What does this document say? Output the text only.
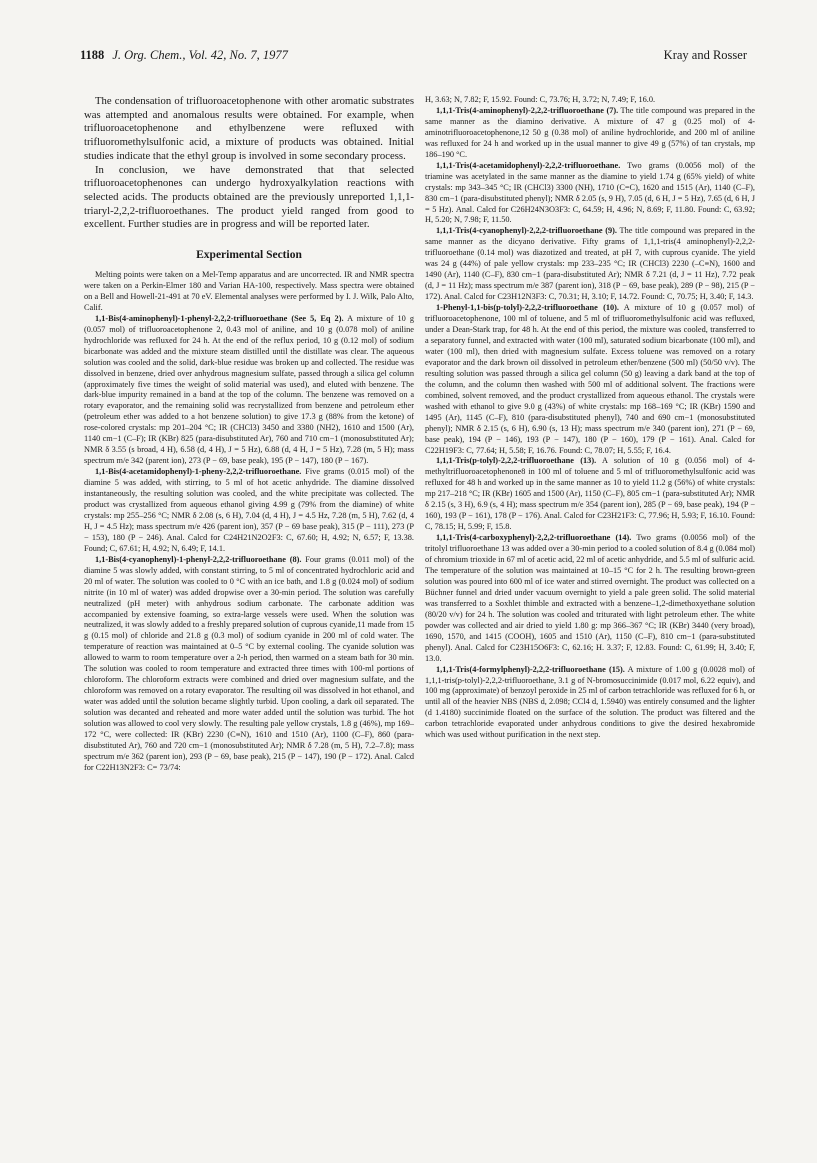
1188 J. Org. Chem., Vol. 42, No. 7, 1977	Kray and Rosser

The condensation of trifluoroacetophenone with other aromatic substrates was attempted and anomalous results were obtained. For example, when trifluoroacetophenone and ethylbenzene were refluxed with trifluoromethylsulfonic acid, a mixture of products was obtained. Initial studies indicate that the ethyl group is involved in some secondary process.

In conclusion, we have demonstrated that that selected trifluoroacetophenones can undergo hydroxyalkylation reactions with selected acids. The products obtained are the previously unreported 1,1,1-triaryl-2,2,2-trifluoroethanes. The product yield ranged from good to excellent. Further studies are in progress and will be reported later.

Experimental Section

Melting points were taken on a Mel-Temp apparatus and are uncorrected. IR and NMR spectra were taken on a Perkin-Elmer 180 and Varian HA-100, respectively. Mass spectra were obtained on a Bell and Howell-21-491 at 70 eV. Elemental analyses were performed by I. J. Wilk, Palo Alto, Calif.

1,1-Bis(4-aminophenyl)-1-phenyl-2,2,2-trifluoroethane (See 5, Eq 2). A mixture of 10 g (0.057 mol) of trifluoroacetophenone 2, 0.43 mol of aniline, and 10 g (0.078 mol) of aniline hydrochloride was refluxed for 24 h. At the end of the reflux period, 10 g (0.12 mol) of sodium bicarbonate was added and the mixture steam distilled until the distillate was clear. The aqueous solution was cooled and the solid, dark-blue residue was broken up and collected. The residue was dissolved in benzene, dried over anhydrous magnesium sulfate, passed through a silica gel column (approximately five times the weight of solid material was used), and eluted with benzene. The dark-blue impurity remained in a band at the top of the column. The benzene was removed on a rotary evaporator, and the remaining solid was recrystallized from benzene and petroleum ether (petroleum ether was added to a hot benzene solution) to give 17.3 g (88% from the ketone) of rose-colored crystals: mp 201–204 °C; IR (CHCl3) 3450 and 3380 (NH2), 1610 and 1500 (Ar), 1140 cm−1 (C–F); IR (KBr) 825 (para-disubstituted Ar), 760 and 710 cm−1 (monosubstituted Ar); NMR δ 3.55 (s broad, 4 H), 6.58 (d, 4 H), J = 5 Hz), 6.88 (d, 4 H, J = 5 Hz), 7.28 (m, 5 H); mass spectrum m/e 342 (parent ion), 273 (P − 69, base peak), 195 (P − 147), 180 (P − 167).

1,1-Bis(4-acetamidophenyl)-1-pheny-2,2,2-trifluoroethane. Five grams (0.015 mol) of the diamine 5 was added, with stirring, to 5 ml of hot acetic anhydride. The diamine dissolved instantaneously, the resulting solution was cooled, and the white precipitate was collected. The product was crystallized from aqueous ethanol giving 4.99 g (79% from the diamine) of white crystals: mp 255–256 °C; NMR δ 2.08 (s, 6 H), 7.04 (d, 4 H), J = 4.5 Hz, 7.28 (m, 5 H), 7.62 (d, 4 H, J = 4.5 Hz); mass spectrum m/e 426 (parent ion), 357 (P − 69 base peak), 315 (P − 111), 273 (P − 153), 180 (P − 246). Anal. Calcd for C24H21N2O2F3: C, 67.60; H, 4.92; N, 6.57; F, 13.38. Found; C, 67.61; H, 4.92; N, 6.49; F, 14.1.

1,1-Bis(4-cyanophenyl)-1-phenyl-2,2,2-trifluoroethane (8). Four grams (0.011 mol) of the diamine 5 was slowly added, with constant stirring, to 5 ml of concentrated hydrochloric acid and 20 ml of water. The solution was cooled to 0 °C with an ice bath, and 1.8 g (0.024 mol) of sodium nitrite (in 10 ml of water) was added dropwise over a 30-min period. The solution was carefully neutralized (pH meter) with anhydrous sodium carbonate. The carbonate addition was accompanied by extensive foaming, so extra-large vessels were used. When the solution was neutralized, it was slowly added to a freshly prepared solution of cuprous cyanide,11 made from 15 g (0.15 mol) of chloride and 21.8 g (0.3 mol) of sodium cyanide in 200 ml of cold water. The temperature of reaction was maintained at 0–5 °C by external cooling. The cyanide solution was allowed to warm to room temperature over a 2-h period, then warmed on a steam bath for 30 min. The solution was cooled to room temperature and extracted three times with 100-ml portions of chloroform. The chloroform extracts were combined and dried over magnesium sulfate, and the chloroform was removed on a rotary evaporator. The resulting oil was dissolved in hot ethanol, and water was added until the solution became slightly turbid. Upon cooling, a dark oil separated. The solution was decanted and reheated and more water added until the solution was turbid. The hot solution was allowed to cool very slowly. The resulting pale yellow crystals, 1.8 g (46%), mp 169–172 °C, were collected: IR (KBr) 2230 (C≡N), 1610 and 1510 (Ar), 1100 (C–F), 860 (para-disubstituted Ar), 760 and 720 cm−1 (monosubstituted Ar); NMR δ 7.28 (m, 5 H), 7.2–7.8); mass spectrum m/e 362 (parent ion), 293 (P − 69, base peak), 215 (P − 147), 190 (P − 172). Anal. Calcd for C22H13N2F3: C= 73/74:

H, 3.63; N, 7.82; F, 15.92. Found: C, 73.76; H, 3.72; N, 7.49; F, 16.0.

1,1,1-Tris(4-aminophenyl)-2,2,2-trifluoroethane (7). The title compound was prepared in the same manner as the diamino derivative. A mixture of 47 g (0.25 mol) of 4-aminotrifluoroacetophenone,12 50 g (0.38 mol) of aniline hydrochloride, and 200 ml of aniline was refluxed for 24 h and worked up in the usual manner to give 49 g (57%) of tan crystals, mp 186–190 °C.

1,1,1-Tris(4-acetamidophenyl)-2,2,2-trifluoroethane. Two grams (0.0056 mol) of the triamine was acetylated in the same manner as the diamine to yield 1.74 g (65% yield) of white crystals: mp 343–345 °C; IR (CHCl3) 3300 (NH), 1710 (C=C), 1620 and 1515 (Ar), 1140 (C–F), 830 cm−1 (para-disubstituted phenyl); NMR δ 2.05 (s, 9 H), 7.05 (d, 6 H, J = 5 Hz), 7.65 (d, 6 H, J = 5 Hz). Anal. Calcd for C26H24N3O3F3: C, 64.59; H, 4.96; N, 8.69; F, 11.80. Found: C, 63.92; H, 5.20; N, 7.98; F, 11.50.

1,1,1-Tris(4-cyanophenyl)-2,2,2-trifluoroethane (9). The title compound was prepared in the same manner as the dicyano derivative. Fifty grams of 1,1,1-tris(4 aminophenyl)-2,2,2-trifluoroethane (0.14 mol) was diazotized and treated, at pH 7, with cuprous cyanide. The yield was 24 g (44%) of pale yellow crystals: mp 233–235 °C; IR (CHCl3) 2230 (–C≡N), 1600 and 1490 (Ar), 1140 (C–F), 830 cm−1 (para-disubstituted Ar); NMR δ 7.21 (d, J = 11 Hz), 7.72 peak (d, J = 11 Hz); mass spectrum m/e 387 (parent ion), 318 (P − 69, base peak), 289 (P − 98), 215 (P − 172). Anal. Calcd for C23H12N3F3: C, 70.31; H, 3.10; F, 14.72. Found: C, 70.75; H, 3.40; F, 14.3.

1-Phenyl-1,1-bis(p-tolyl)-2,2,2-trifluoroethane (10). A mixture of 10 g (0.057 mol) of trifluoroacetophenone, 100 ml of toluene, and 5 ml of trifluoromethylsulfonic acid was refluxed, under a Dean-Stark trap, for 48 h. At the end of this period, the mixture was cooled, transferred to a separatory funnel, and extracted with water (100 ml), saturated sodium bicarbonate (100 ml), and water (100 ml), then dried with magnesium sulfate. Excess toluene was removed on a rotary evaporator and the dark brown oil dissolved in petroleum ether/benzene (500 ml) (50/50 v/v). The resulting solution was passed through a silica gel column (50 g) leaving a dark band at the top of the column, and the column then washed with 500 ml of additional solvent. The fractions were combined, solvent removed, and the product crystallized from aqueous ethanol. The crystals were washed with ethanol to give 9.0 g (43%) of white crystals: mp 168–169 °C; IR (KBr) 1590 and 1495 (Ar), 1145 (C–F), 810 (para-disubstituted phenyl), 740 and 690 cm−1 (monosubstituted phenyl); NMR δ 2.15 (s, 6 H), 6.90 (s, 13 H); mass spectrum m/e 340 (parent ion), 271 (P − 69, base peak), 194 (P − 146), 193 (P − 147), 180 (P − 160), 179 (P − 161). Anal. Calcd for C22H19F3: C, 77.64; H, 5.58; F, 16.76. Found: C, 78.07; H, 5.55; F, 16.4.

1,1,1-Tris(p-tolyl)-2,2,2-trifluoroethane (13). A solution of 10 g (0.056 mol) of 4-methyltrifluoroacetophenone8 in 100 ml of toluene and 5 ml of trifluoromethylsulfonic acid was refluxed for 48 h and worked up in the same manner as 10 to yield 11.2 g (56%) of white crystals: mp 217–218 °C; IR (KBr) 1605 and 1500 (Ar), 1150 (C–F), 805 cm−1 (para-substituted Ar); NMR δ 2.15 (s, 3 H), 6.9 (s, 4 H); mass spectrum m/e 354 (parent ion), 285 (P − 69, base peak), 194 (P − 160), 193 (P − 161), 178 (P − 176). Anal. Calcd for C23H21F3: C, 77.96; H, 5.93; F, 16.10. Found: C, 78.15; H, 5.99; F, 15.8.

1,1,1-Tris(4-carboxyphenyl)-2,2,2-trifluoroethane (14). Two grams (0.0056 mol) of the tritolyl trifluoroethane 13 was added over a 30-min period to a cooled solution of 8.4 g (0.084 mol) of chromium trioxide in 67 ml of acetic acid, 22 ml of acetic anhydride, and 5.5 ml of sulfuric acid. The temperature of the solution was maintained at 10–15 °C for 2 h. The resulting brown-green solution was poured into 600 ml of ice water and stirred overnight. The product was collected on a Büchner funnel and dried under vacuum overnight to yield a pale green solid. The solid material was transferred to a Soxhlet thimble and extracted with a benzene–1,2-dimethoxyethane solution (80/20 v/v) for 24 h. The solution was cooled and triturated with light petroleum ether. The white powder was collected and air dried to yield 1.80 g: mp 366–367 °C; IR (KBr) 3440 (very broad), 1690, 1570, and 1415 (COOH), 1605 and 1510 (Ar), 1150 (C–F), 810 cm−1 (para-substituted phenyl). Anal. Calcd for C23H15O6F3: C, 62.16; H. 3.37; F, 12.83. Found: C, 61.99; H, 3.40; F, 13.0.

1,1,1-Tris(4-formylphenyl)-2,2,2-trifluoroethane (15). A mixture of 1.00 g (0.0028 mol) of 1,1,1-tris(p-tolyl)-2,2,2-trifluoroethane, 3.1 g of N-bromosuccinimide (0.017 mol, 6.22 equiv), and 100 mg (approximate) of benzoyl peroxide in 25 ml of carbon tetrachloride was refluxed for 6 h, or until all of the heavier NBS (NBS d, 2.098; CCl4 d, 1.5940) was entirely consumed and the lighter (d 1.4180) succinimide floated on the surface of the solution. The product was filtered and the carbon tetrachloride evaporated under anhydrous conditions to give the desired hexabromide which was used without purification in the next step.
